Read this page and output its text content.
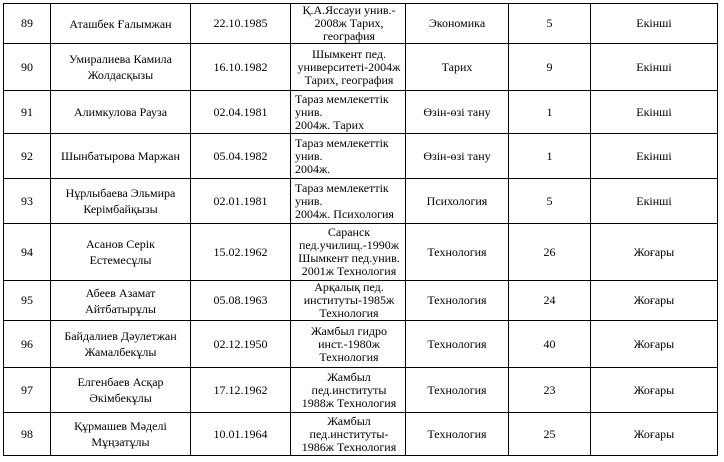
89	Аташбек Ғалымжан	22.10.1985	Қ.А.Яссауи унив.-
2008ж Тарих,
география	Экономика	5	Екінші
90	Умиралиева Камила
Жолдасқызы	16.10.1982	Шымкент пед.
университеті-2004ж
Тарих, география	Тарих	9	Екінші
91	Алимкулова Рауза	02.04.1981	Тараз мемлекеттік
унив.
2004ж. Тарих	Өзін-өзі тану	1	Екінші
92	Шынбатырова Маржан	05.04.1982	Тараз мемлекеттік
унив.
2004ж.	Өзін-өзі тану	1	Екінші
93	Нұрлыбаева Эльмира
Керімбайқызы	02.01.1981	Тараз мемлекеттік
унив.
2004ж. Психология	Психология	5	Екінші
94	Асанов Серік
Естемесұлы	15.02.1962	Саранск
пед.училищ.-1990ж
Шымкент пед.унив.
2001ж Технология	Технология	26	Жоғары
95	Абеев Азамат
Айтбатырұлы	05.08.1963	Арқалық пед.
институты-1985ж
Технология	Технология	24	Жоғары
96	Байдалиев Дәулетжан
Жамалбекұлы	02.12.1950	Жамбыл гидро
инст.-1980ж
Технология	Технология	40	Жоғары
97	Елгенбаев Асқар
Әкімбекұлы	17.12.1962	Жамбыл
пед.институты
1988ж Технология	Технология	23	Жоғары
98	Құрмашев Мәделі
Мұңзатұлы	10.01.1964	Жамбыл
пед.институты-
1986ж Технология	Технология	25	Жоғары
